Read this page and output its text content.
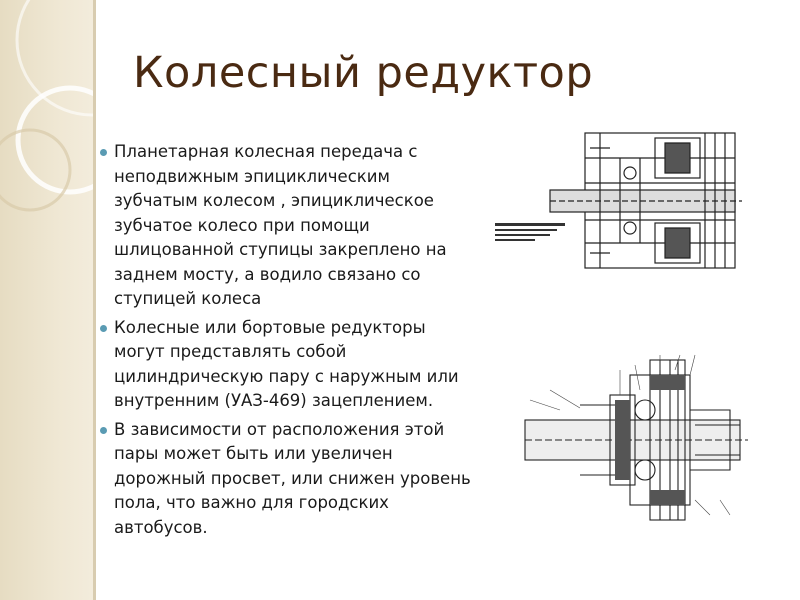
Колесный редуктор
Планетарная колесная передача с неподвижным эпициклическим зубчатым колесом , эпициклическое зубчатое колесо при помощи шлицованной ступицы закреплено на заднем мосту, а водило связано со ступицей колеса
Колесные или бортовые редукторы могут представлять собой цилиндрическую пару с наружным или внутренним (УАЗ-469) зацеплением.
В зависимости от расположения этой пары может быть или увеличен дорожный просвет, или снижен уровень пола, что важно для городских автобусов.
